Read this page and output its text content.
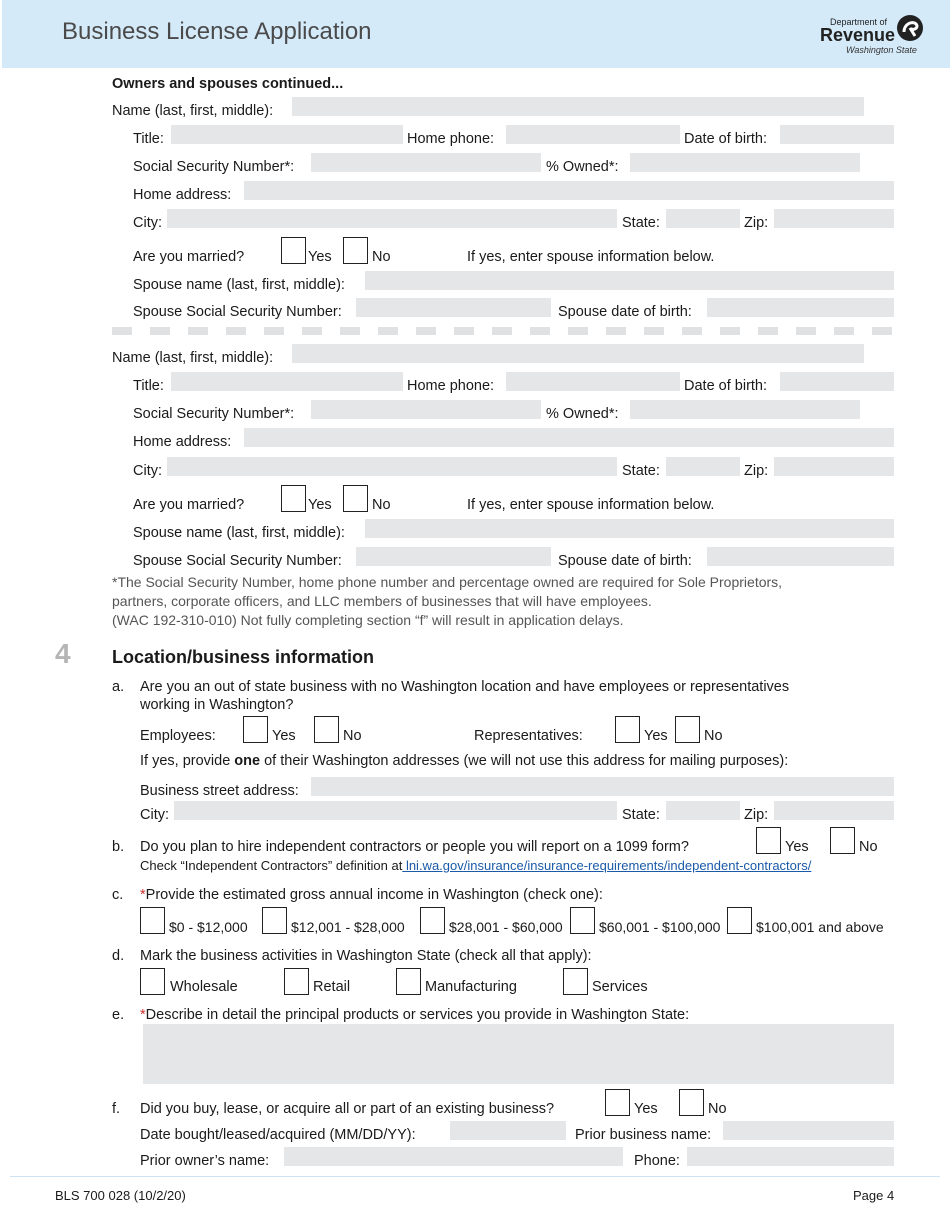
Business License Application	Department of
Revenue
Washington State
Owners and spouses continued...
Name (last, first, middle):
Title:	Home phone:	Date of birth:
Social Security Number*:	% Owned*:
Home address:
City:	State:	Zip:
Are you married?	Yes	No	If yes, enter spouse information below.
Spouse name (last, first, middle):
Spouse Social Security Number:	Spouse date of birth:
Name (last, first, middle):
Title:	Home phone:	Date of birth:
Social Security Number*:	% Owned*:
Home address:
City:	State:	Zip:
Are you married?	Yes	No	If yes, enter spouse information below.
Spouse name (last, first, middle):
Spouse Social Security Number:	Spouse date of birth:
*The Social Security Number, home phone number and percentage owned are required for Sole Proprietors,
partners, corporate officers, and LLC members of businesses that will have employees.
(WAC 192-310-010) Not fully completing section “f” will result in application delays.
4 Location/business information
a. Are you an out of state business with no Washington location and have employees or representatives
working in Washington?
Employees:	Yes	No	Representatives:	Yes	No
If yes, provide one of their Washington addresses (we will not use this address for mailing purposes):
Business street address:
City:	State:	Zip:
b. Do you plan to hire independent contractors or people you will report on a 1099 form?	Yes	No
Check “Independent Contractors” definition at lni.wa.gov/insurance/insurance-requirements/independent-contractors/
c. *Provide the estimated gross annual income in Washington (check one):
$0 - $12,000	$12,001 - $28,000	$28,001 - $60,000	$60,001 - $100,000	$100,001 and above
d. Mark the business activities in Washington State (check all that apply):
Wholesale	Retail	Manufacturing	Services
e. *Describe in detail the principal products or services you provide in Washington State:
f. Did you buy, lease, or acquire all or part of an existing business?	Yes	No
Date bought/leased/acquired (MM/DD/YY):	Prior business name:
Prior owner’s name:	Phone:
BLS 700 028 (10/2/20)	Page 4
